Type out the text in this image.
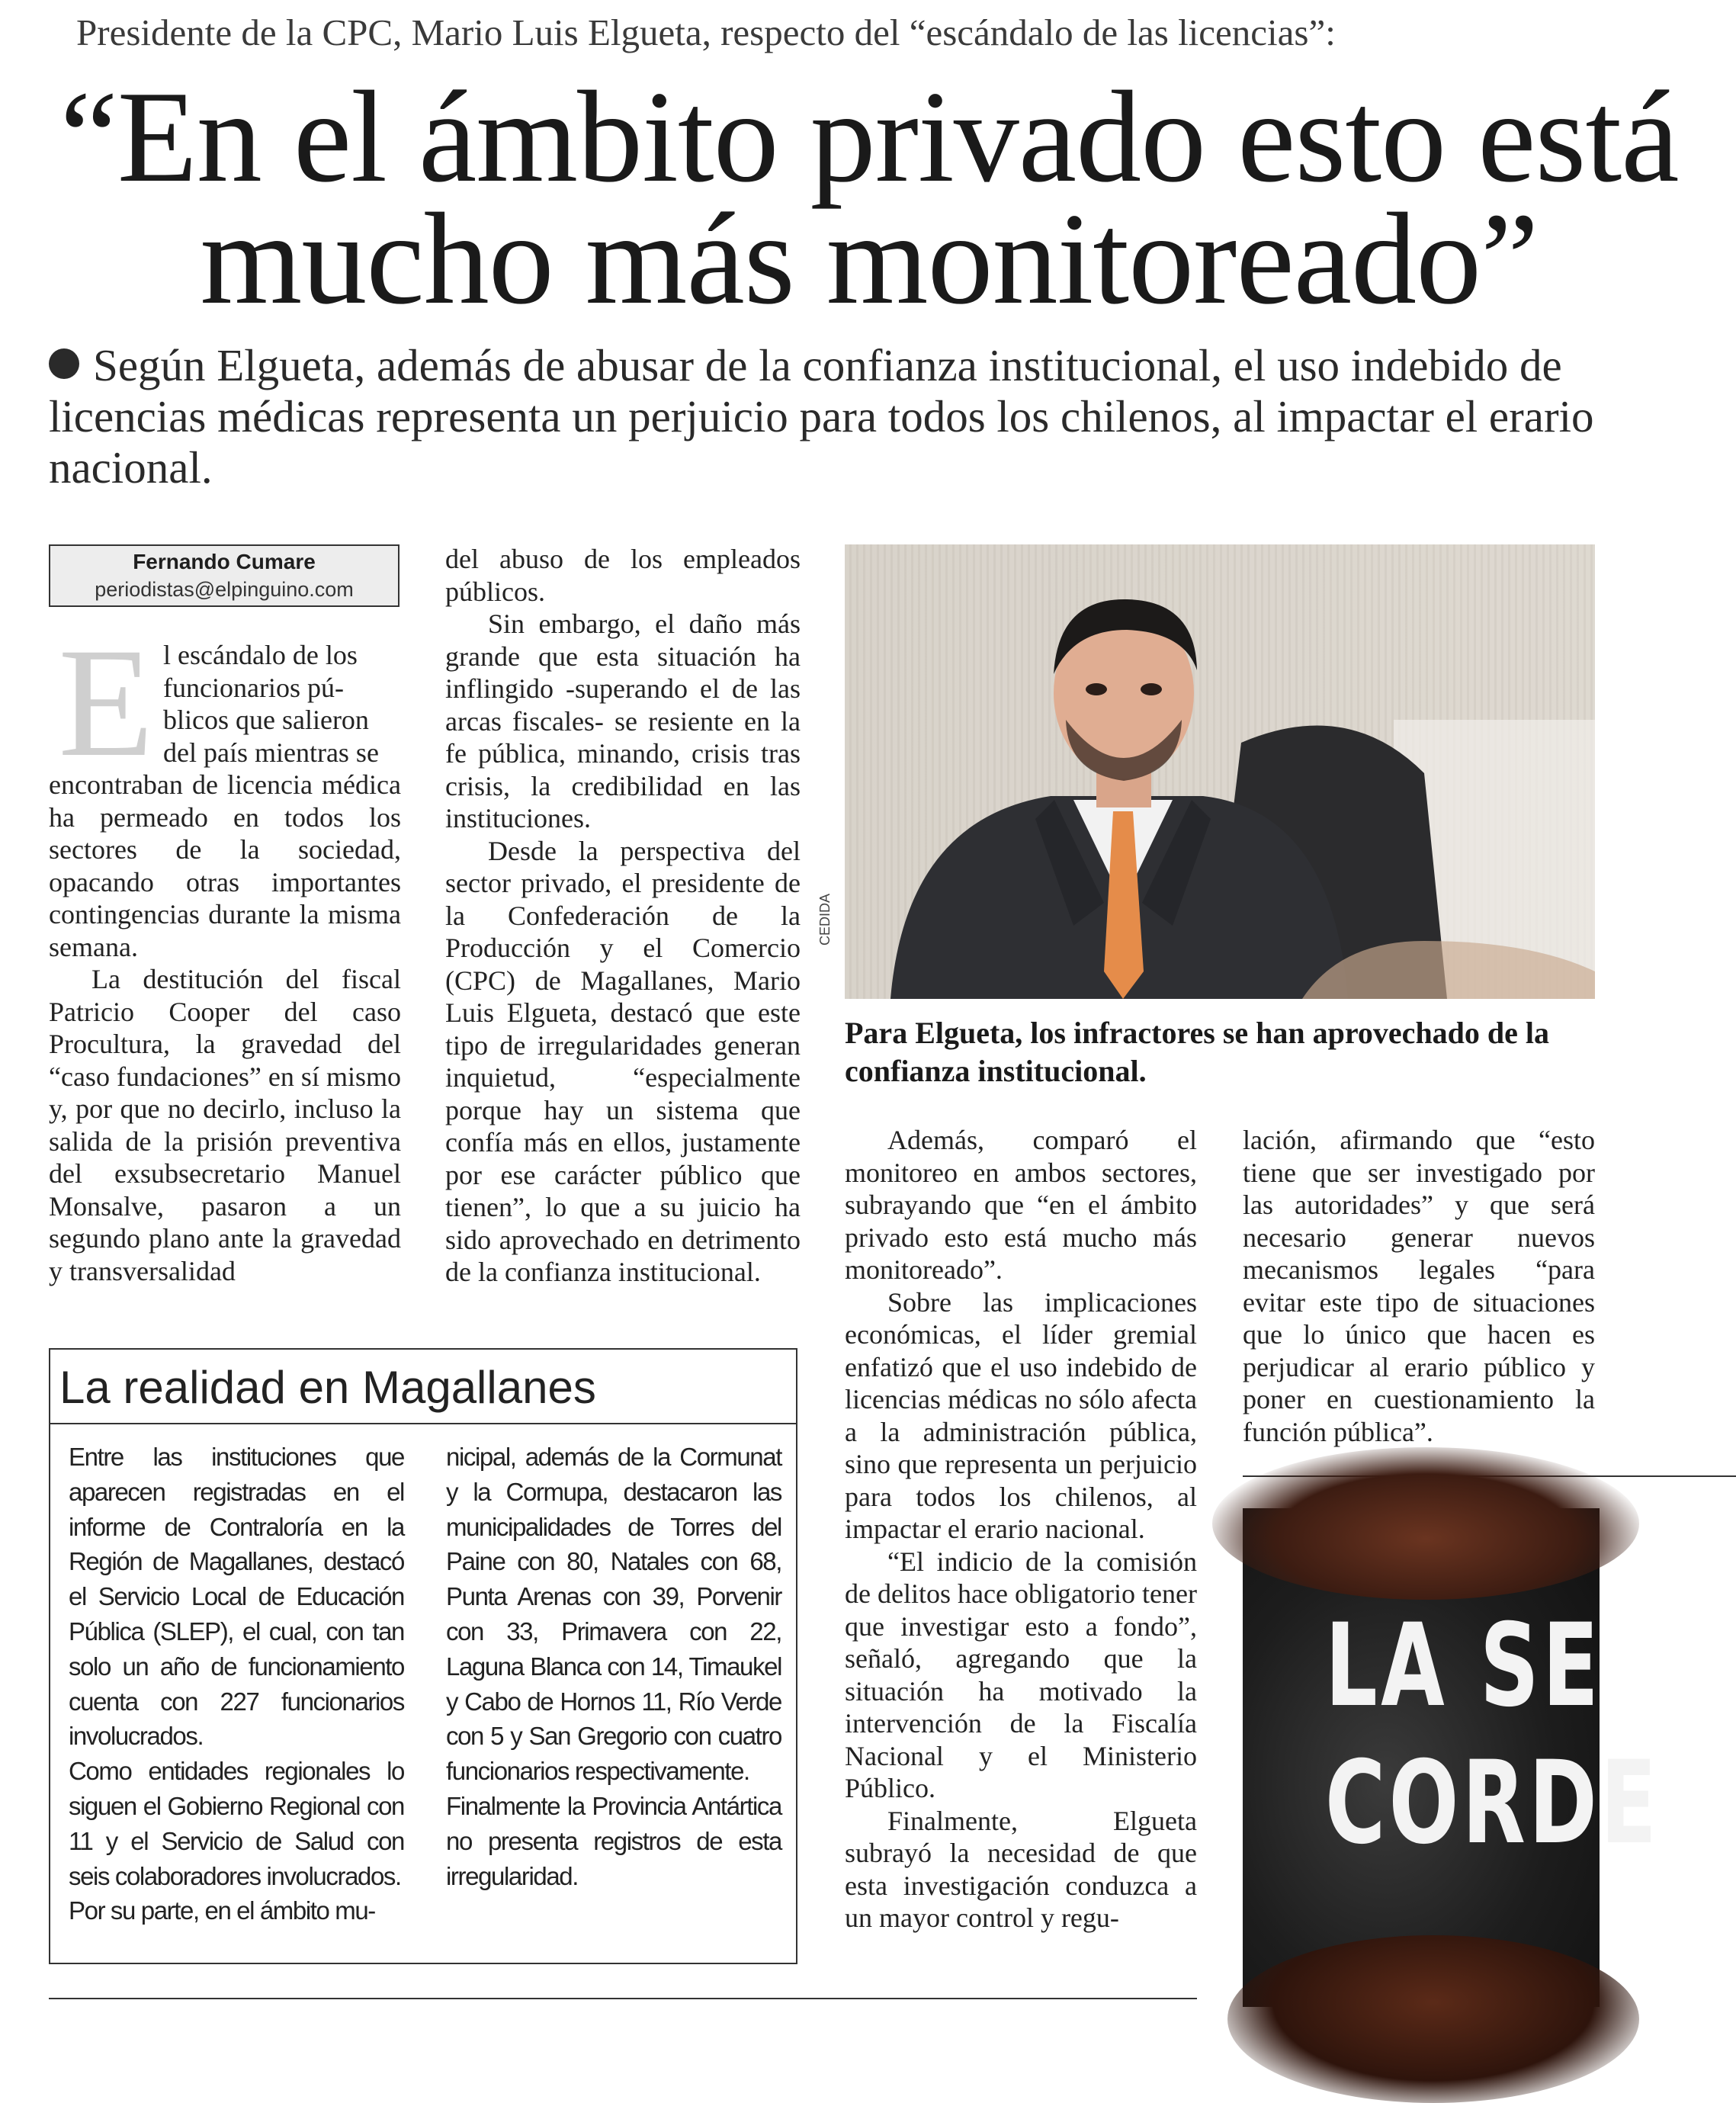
Presidente de la CPC, Mario Luis Elgueta, respecto del “escándalo de las licencias”:
“En el ámbito privado esto está
mucho más monitoreado”
Según Elgueta, además de abusar de la confianza institucional, el uso indebido de licencias médicas representa un perjuicio para todos los chilenos, al impactar el erario nacional.
Fernando Cumare
periodistas@elpinguino.com
E l escándalo de los
funcionarios pú-
blicos que salieron
del país mientras se
encontraban de licencia médica ha permeado en todos los sectores de la sociedad, opacando otras importantes contingencias durante la misma semana.

La destitución del fiscal Patricio Cooper del caso Procultura, la gravedad del “caso fundaciones” en sí mismo y, por que no decirlo, incluso la salida de la prisión preventiva del exsubsecretario Manuel Monsalve, pasaron a un segundo plano ante la gravedad y transversalidad

del abuso de los empleados públicos.

Sin embargo, el daño más grande que esta situación ha inflingido -superando el de las arcas fiscales- se resiente en la fe pública, minando, crisis tras crisis, la credibilidad en las instituciones.

Desde la perspectiva del sector privado, el presidente de la Confederación de la Producción y el Comercio (CPC) de Magallanes, Mario Luis Elgueta, destacó que este tipo de irregularidades generan inquietud, “especialmente porque hay un sistema que confía más en ellos, justamente por ese carácter público que tienen”, lo que a su juicio ha sido aprovechado en detrimento de la confianza institucional.

CEDIDA
Para Elgueta, los infractores se han aprovechado de la confianza institucional.

Además, comparó el monitoreo en ambos sectores, subrayando que “en el ámbito privado esto está mucho más monitoreado”.

Sobre las implicaciones económicas, el líder gremial enfatizó que el uso indebido de licencias médicas no sólo afecta a la administración pública, sino que representa un perjuicio para todos los chilenos, al impactar el erario nacional.

“El indicio de la comisión de delitos hace obligatorio tener que investigar esto a fondo”, señaló, agregando que la situación ha motivado la intervención de la Fiscalía Nacional y el Ministerio Público.

Finalmente, Elgueta subrayó la necesidad de que esta investigación conduzca a un mayor control y regu-

lación, afirmando que “esto tiene que ser investigado por las autoridades” y que será necesario generar nuevos mecanismos legales “para evitar este tipo de situaciones que lo único que hacen es perjudicar al erario público y poner en cuestionamiento la función pública”.

La realidad en Magallanes

Entre las instituciones que aparecen registradas en el informe de Contraloría en la Región de Magallanes, destacó el Servicio Local de Educación Pública (SLEP), el cual, con tan solo un año de funcionamiento cuenta con 227 funcionarios involucrados.

Como entidades regionales lo siguen el Gobierno Regional con 11 y el Servicio de Salud con seis colaboradores involucrados.

Por su parte, en el ámbito mu-

nicipal, además de la Cormunat y la Cormupa, destacaron las municipalidades de Torres del Paine con 80, Natales con 68, Punta Arenas con 39, Porvenir con 33, Primavera con 22, Laguna Blanca con 14, Timaukel y Cabo de Hornos 11, Río Verde con 5 y San Gregorio con cuatro funcionarios respectivamente.

Finalmente la Provincia Antártica no presenta registros de esta irregularidad.

LA SE
CORDE
